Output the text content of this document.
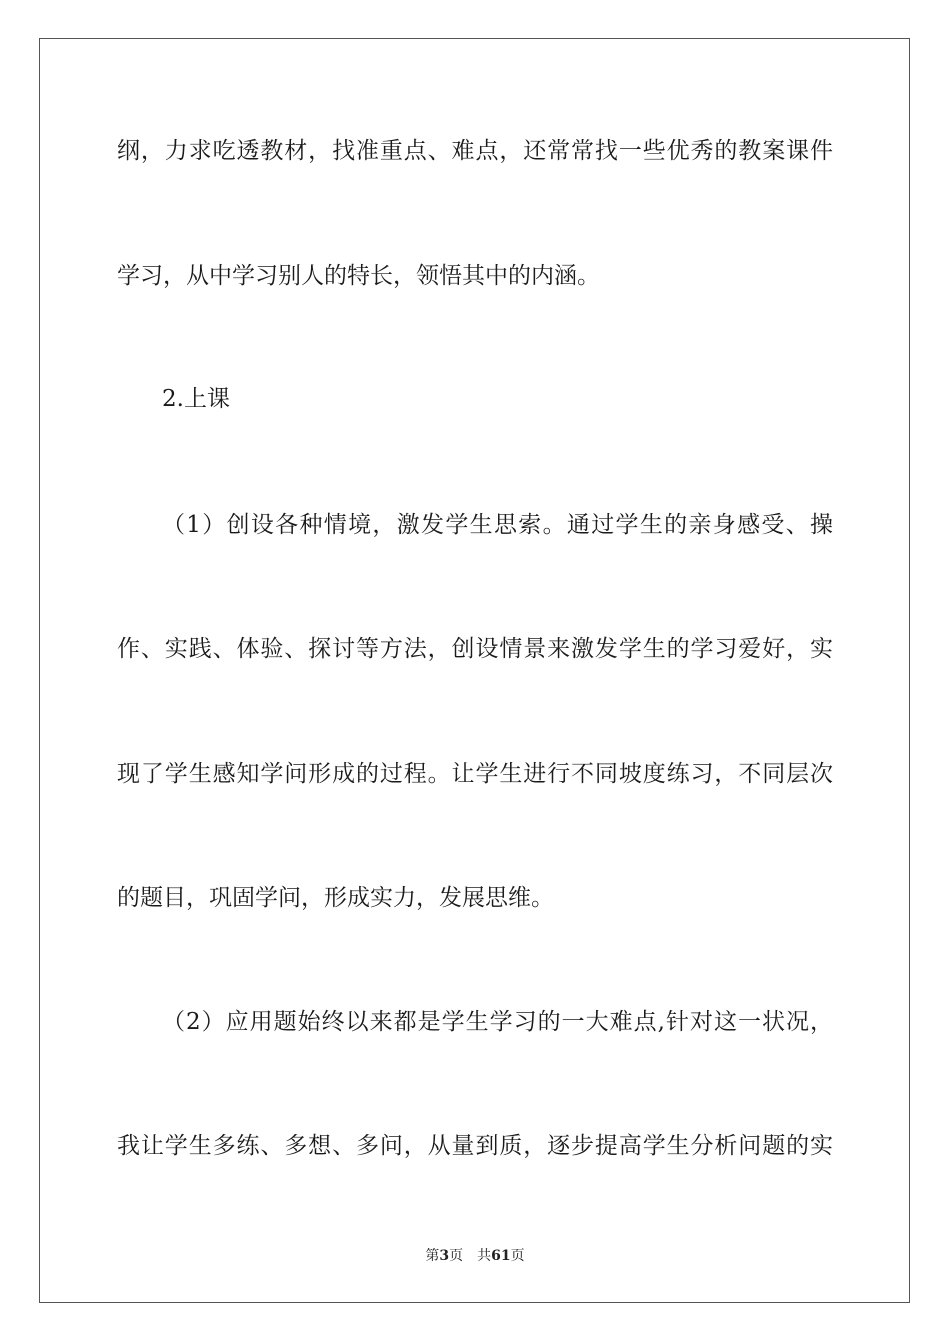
纲，力求吃透教材，找准重点、难点，还常常找一些优秀的教案课件
学习，从中学习别人的特长，领悟其中的内涵。
2.上课
（1）创设各种情境，激发学生思索。通过学生的亲身感受、操
作、实践、体验、探讨等方法，创设情景来激发学生的学习爱好，实
现了学生感知学问形成的过程。让学生进行不同坡度练习，不同层次
的题目，巩固学问，形成实力，发展思维。
（2）应用题始终以来都是学生学习的一大难点,针对这一状况，
我让学生多练、多想、多问，从量到质，逐步提高学生分析问题的实
第3页 共61页
